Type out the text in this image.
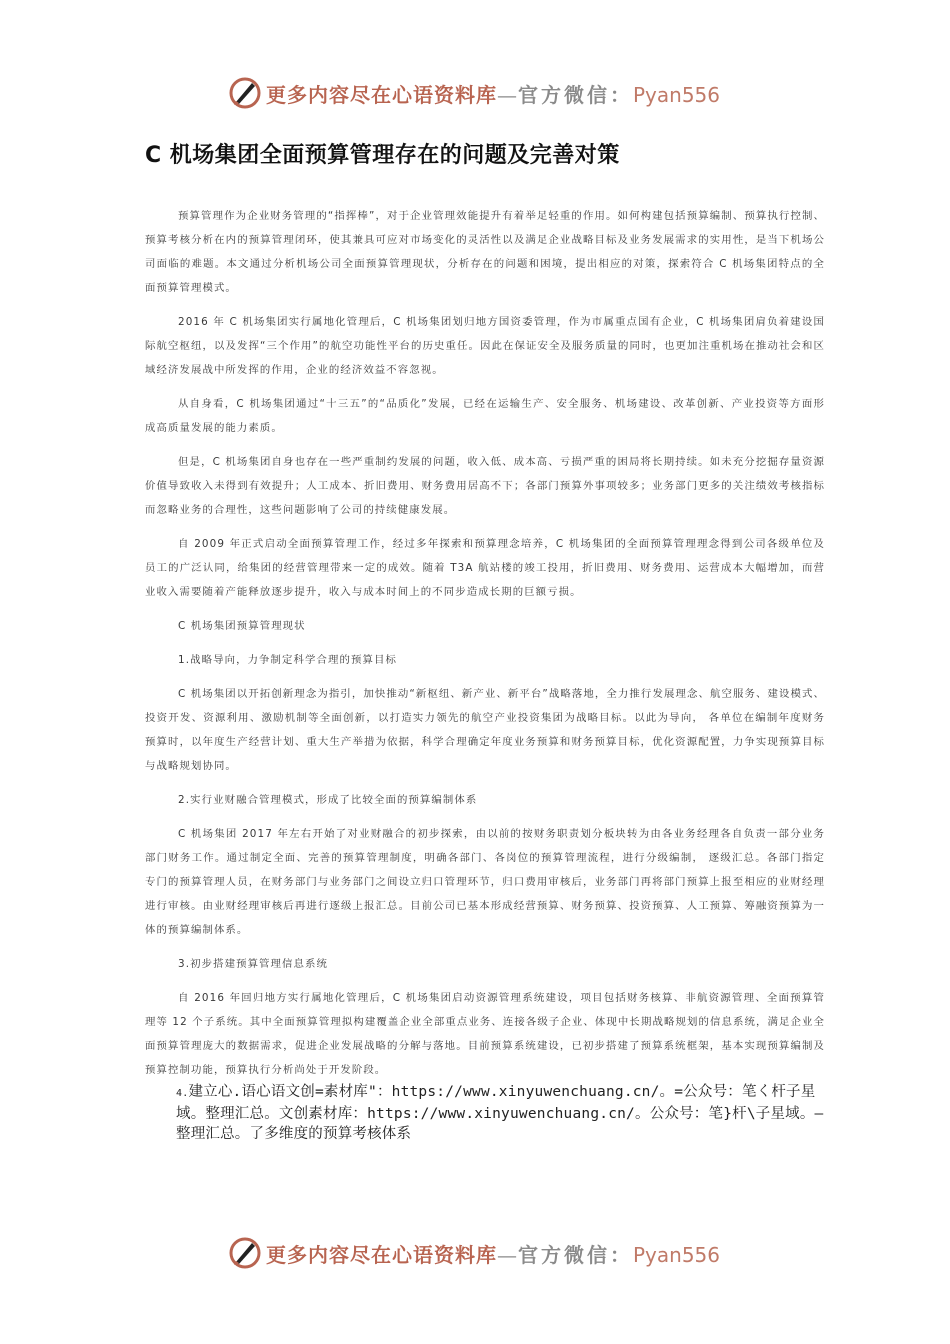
更多内容尽在心语资料库—官方微信：Pyan556
C 机场集团全面预算管理存在的问题及完善对策

预算管理作为企业财务管理的“指挥棒”，对于企业管理效能提升有着举足轻重的作用。如何构建包括预算编制、预算执行控制、预算考核分析在内的预算管理闭环，使其兼具可应对市场变化的灵活性以及满足企业战略目标及业务发展需求的实用性，是当下机场公司面临的难题。本文通过分析机场公司全面预算管理现状，分析存在的问题和困境，提出相应的对策，探索符合 C 机场集团特点的全面预算管理模式。

2016 年 C 机场集团实行属地化管理后，C 机场集团划归地方国资委管理，作为市属重点国有企业，C 机场集团肩负着建设国际航空枢纽，以及发挥“三个作用”的航空功能性平台的历史重任。因此在保证安全及服务质量的同时，也更加注重机场在推动社会和区域经济发展战中所发挥的作用，企业的经济效益不容忽视。

从自身看，C 机场集团通过“十三五”的“品质化”发展，已经在运输生产、安全服务、机场建设、改革创新、产业投资等方面形成高质量发展的能力素质。

但是，C 机场集团自身也存在一些严重制约发展的问题，收入低、成本高、亏损严重的困局将长期持续。如未充分挖掘存量资源价值导致收入未得到有效提升；人工成本、折旧费用、财务费用居高不下；各部门预算外事项较多；业务部门更多的关注绩效考核指标而忽略业务的合理性，这些问题影响了公司的持续健康发展。

自 2009 年正式启动全面预算管理工作，经过多年探索和预算理念培养，C 机场集团的全面预算管理理念得到公司各级单位及员工的广泛认同，给集团的经营管理带来一定的成效。随着 T3A 航站楼的竣工投用，折旧费用、财务费用、运营成本大幅增加，而营业收入需要随着产能释放逐步提升，收入与成本时间上的不同步造成长期的巨额亏损。

C 机场集团预算管理现状

1.战略导向，力争制定科学合理的预算目标

C 机场集团以开拓创新理念为指引，加快推动“新枢纽、新产业、新平台”战略落地，全力推行发展理念、航空服务、建设模式、投资开发、资源利用、激励机制等全面创新，以打造实力领先的航空产业投资集团为战略目标。以此为导向， 各单位在编制年度财务预算时，以年度生产经营计划、重大生产举措为依据，科学合理确定年度业务预算和财务预算目标，优化资源配置，力争实现预算目标与战略规划协同。

2.实行业财融合管理模式，形成了比较全面的预算编制体系

C 机场集团 2017 年左右开始了对业财融合的初步探索，由以前的按财务职责划分板块转为由各业务经理各自负责一部分业务部门财务工作。通过制定全面、完善的预算管理制度，明确各部门、各岗位的预算管理流程，进行分级编制， 逐级汇总。各部门指定专门的预算管理人员，在财务部门与业务部门之间设立归口管理环节，归口费用审核后，业务部门再将部门预算上报至相应的业财经理进行审核。由业财经理审核后再进行逐级上报汇总。目前公司已基本形成经营预算、财务预算、投资预算、人工预算、筹融资预算为一体的预算编制体系。

3.初步搭建预算管理信息系统

自 2016 年回归地方实行属地化管理后，C 机场集团启动资源管理系统建设，项目包括财务核算、非航资源管理、全面预算管理等 12 个子系统。其中全面预算管理拟构建覆盖企业全部重点业务、连接各级子企业、体现中长期战略规划的信息系统，满足企业全面预算管理庞大的数据需求，促进企业发展战略的分解与落地。目前预算系统建设，已初步搭建了预算系统框架，基本实现预算编制及预算控制功能，预算执行分析尚处于开发阶段。

4.建立心.语心语文创=素材库"：https://www.xinyuwenchuang.cn/。=公众号：笔く杆子星域。整理汇总。文创素材库：https://www.xinyuwenchuang.cn/。公众号：笔}杆\子星域。—整理汇总。了多维度的预算考核体系
更多内容尽在心语资料库—官方微信：Pyan556
